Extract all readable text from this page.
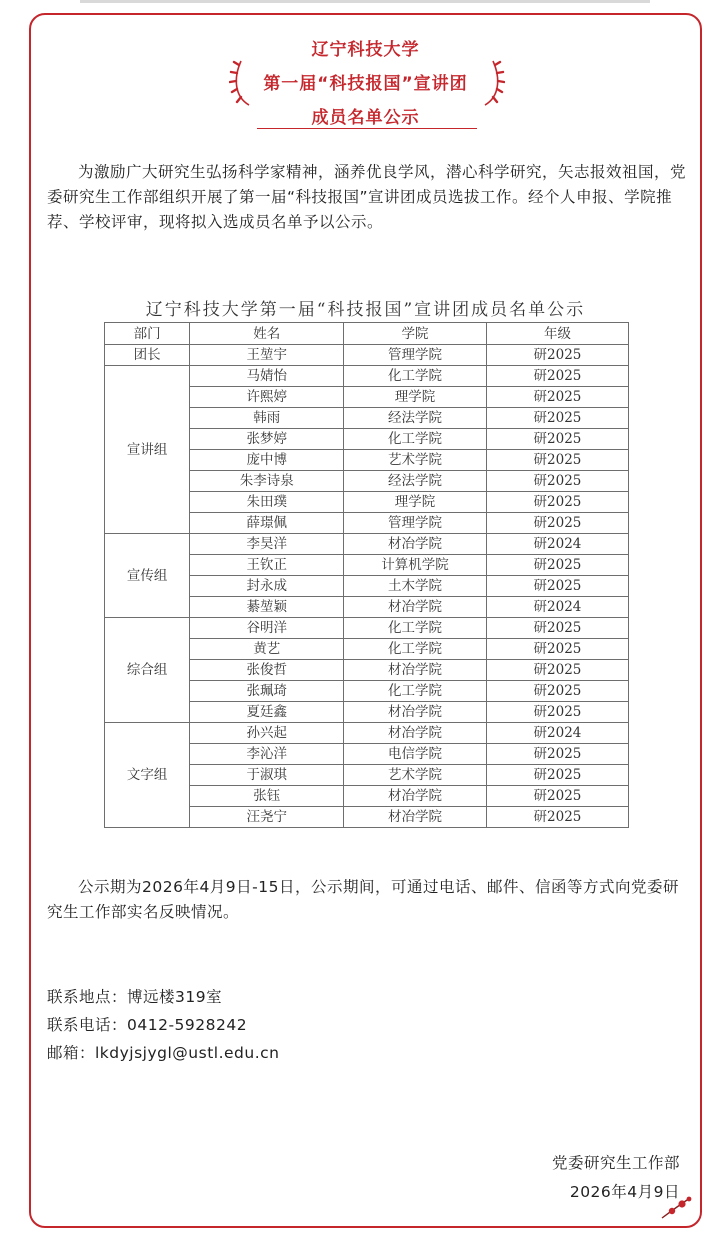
辽宁科技大学
第一届“科技报国”宣讲团
成员名单公示
为激励广大研究生弘扬科学家精神，涵养优良学风，潜心科学研究，矢志报效祖国，党委研究生工作部组织开展了第一届“科技报国”宣讲团成员选拔工作。经个人申报、学院推荐、学校评审，现将拟入选成员名单予以公示。
辽宁科技大学第一届“科技报国”宣讲团成员名单公示
部门	姓名	学院	年级
团长	王堃宇	管理学院	研2025
宣讲组	马婧怡	化工学院	研2025
	许熙婷	理学院	研2025
	韩雨	经法学院	研2025
	张梦婷	化工学院	研2025
	庞中博	艺术学院	研2025
	朱李诗泉	经法学院	研2025
	朱田璞	理学院	研2025
	薛璟佩	管理学院	研2025
宣传组	李昊洋	材冶学院	研2024
	王钦正	计算机学院	研2025
	封永成	土木学院	研2025
	綦堃颖	材冶学院	研2024
综合组	谷明洋	化工学院	研2025
	黄艺	化工学院	研2025
	张俊哲	材冶学院	研2025
	张珮琦	化工学院	研2025
	夏廷鑫	材冶学院	研2025
文字组	孙兴起	材冶学院	研2024
	李沁洋	电信学院	研2025
	于淑琪	艺术学院	研2025
	张钰	材冶学院	研2025
	汪尧宁	材冶学院	研2025
公示期为2026年4月9日-15日，公示期间，可通过电话、邮件、信函等方式向党委研究生工作部实名反映情况。
联系地点：博远楼319室
联系电话：0412-5928242
邮箱：lkdyjsjygl@ustl.edu.cn
党委研究生工作部
2026年4月9日
